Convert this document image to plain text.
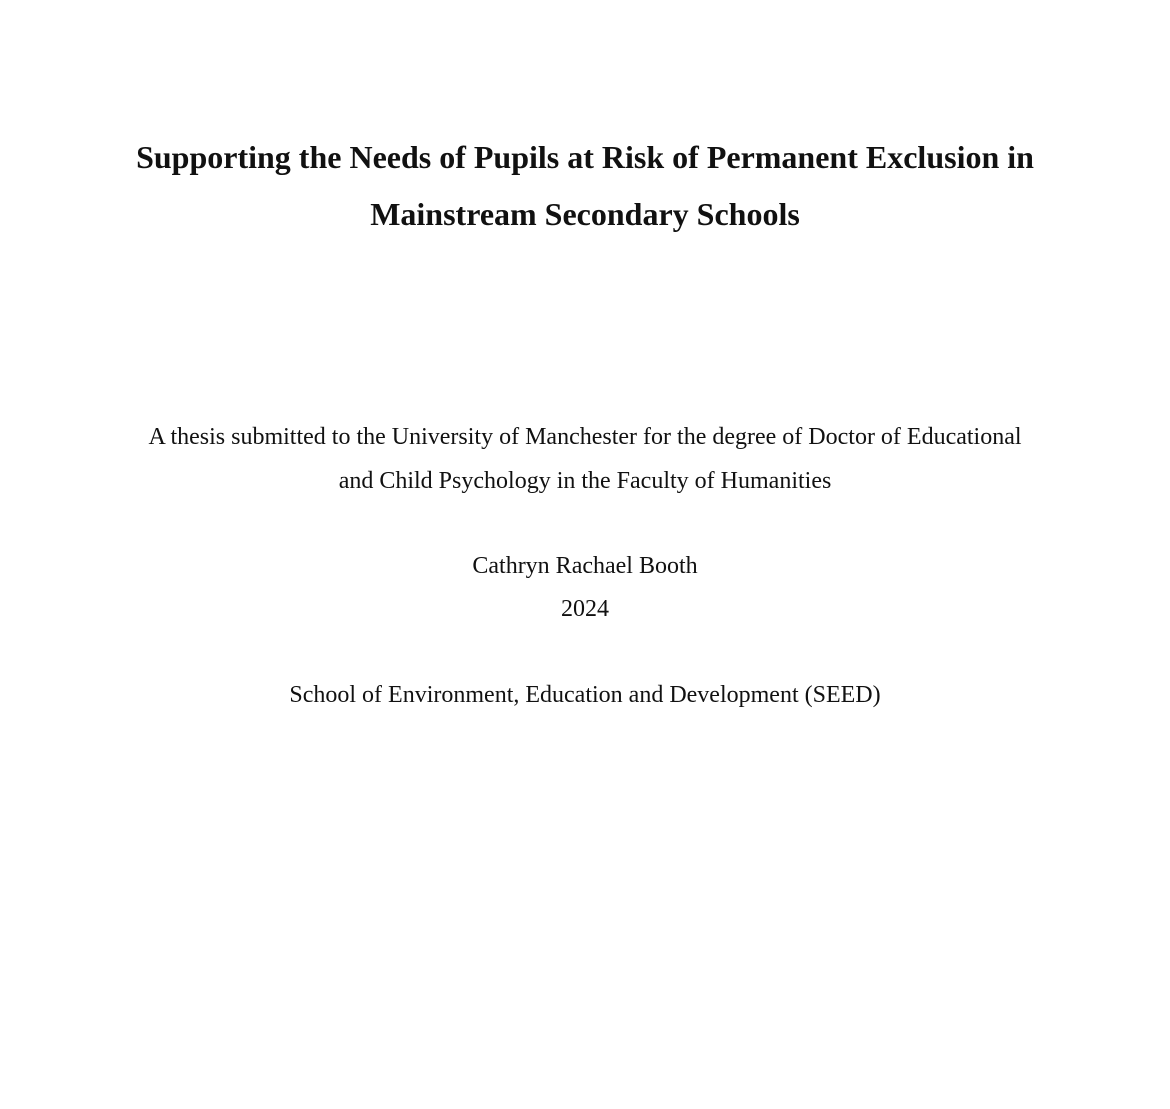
Supporting the Needs of Pupils at Risk of Permanent Exclusion in
Mainstream Secondary Schools

A thesis submitted to the University of Manchester for the degree of Doctor of Educational

and Child Psychology in the Faculty of Humanities

Cathryn Rachael Booth

2024

School of Environment, Education and Development (SEED)
